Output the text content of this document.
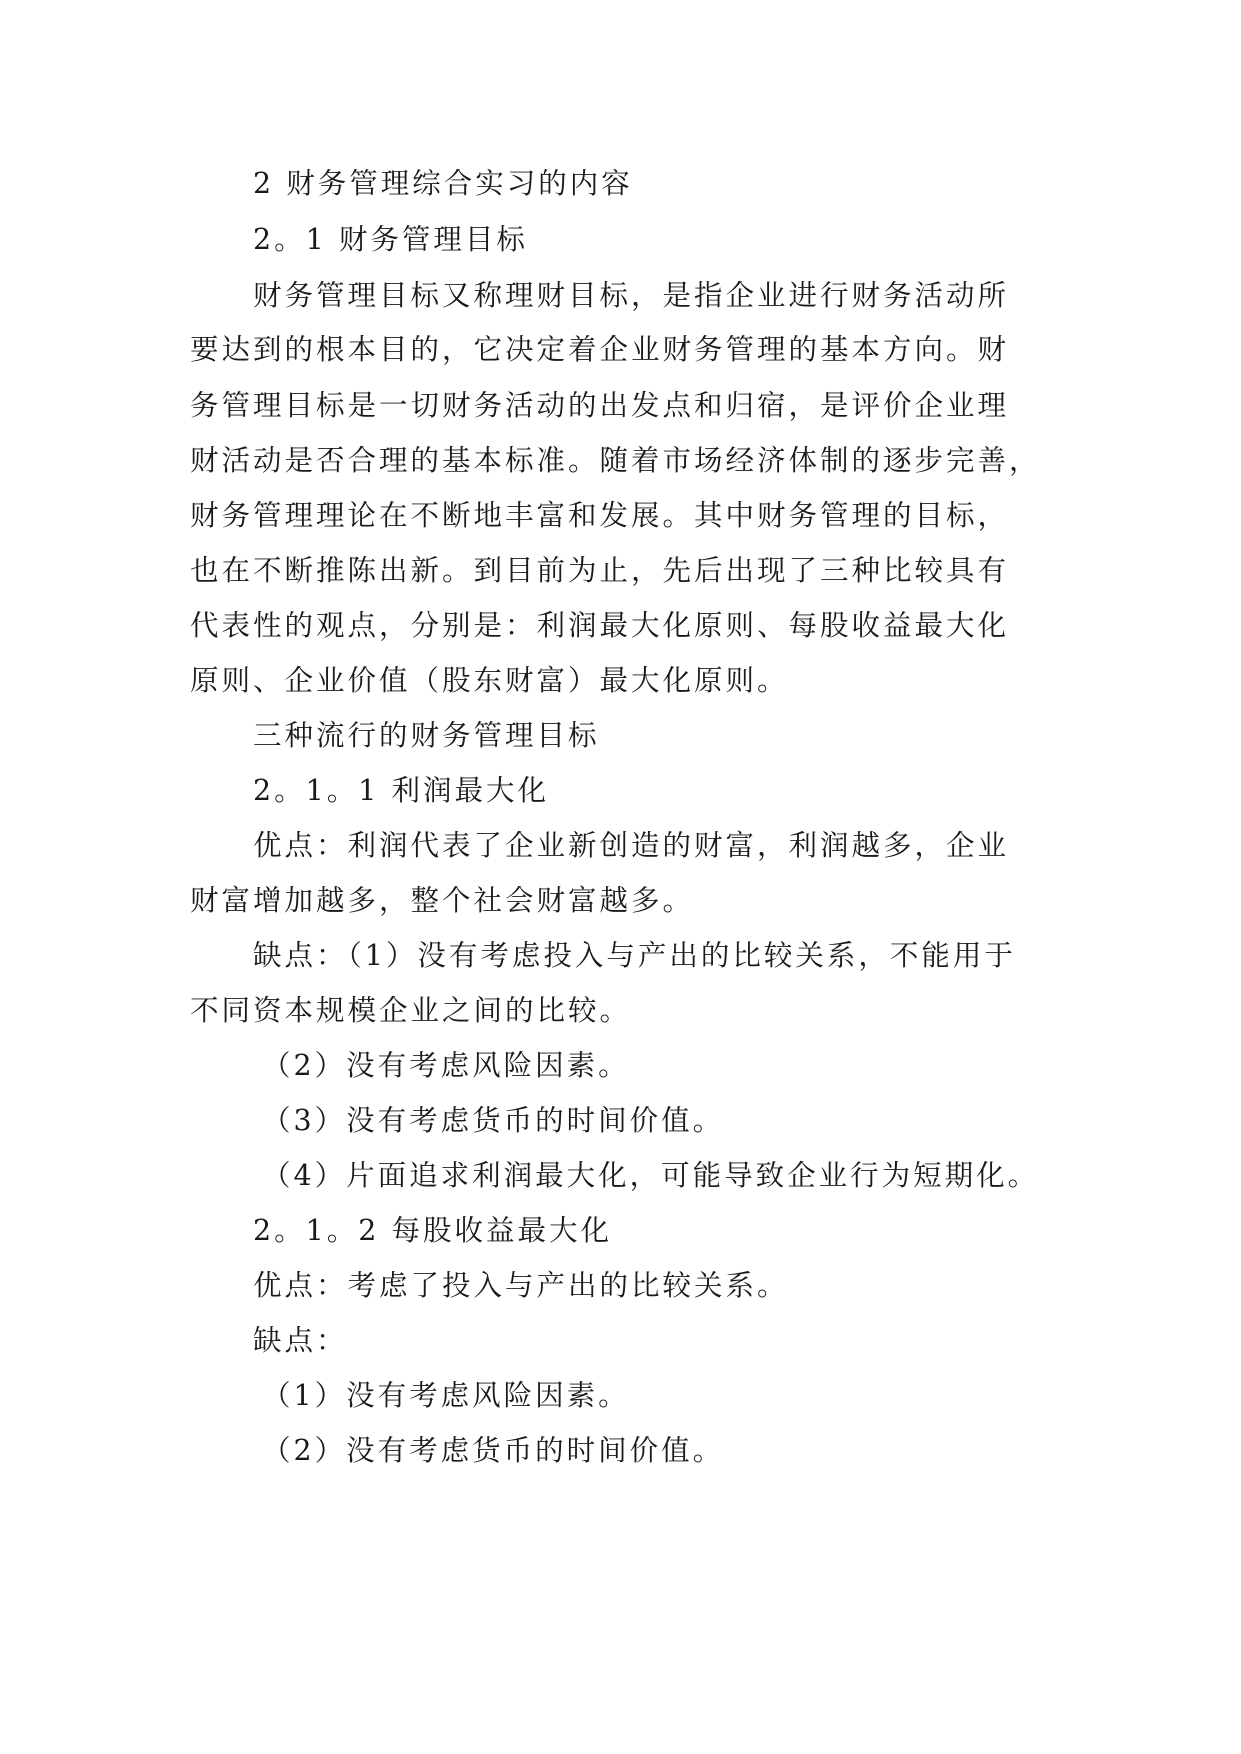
2 财务管理综合实习的内容

2。1 财务管理目标

财务管理目标又称理财目标，是指企业进行财务活动所

要达到的根本目的，它决定着企业财务管理的基本方向。财

务管理目标是一切财务活动的出发点和归宿，是评价企业理

财活动是否合理的基本标准。随着市场经济体制的逐步完善，

财务管理理论在不断地丰富和发展。其中财务管理的目标，

也在不断推陈出新。到目前为止，先后出现了三种比较具有

代表性的观点，分别是：利润最大化原则、每股收益最大化

原则、企业价值（股东财富）最大化原则。

三种流行的财务管理目标

2。1。1 利润最大化

优点：利润代表了企业新创造的财富，利润越多，企业

财富增加越多，整个社会财富越多。

缺点：（1）没有考虑投入与产出的比较关系，不能用于

不同资本规模企业之间的比较。

（2）没有考虑风险因素。

（3）没有考虑货币的时间价值。

（4）片面追求利润最大化，可能导致企业行为短期化。

2。1。2 每股收益最大化

优点：考虑了投入与产出的比较关系。

缺点：

（1）没有考虑风险因素。

（2）没有考虑货币的时间价值。
